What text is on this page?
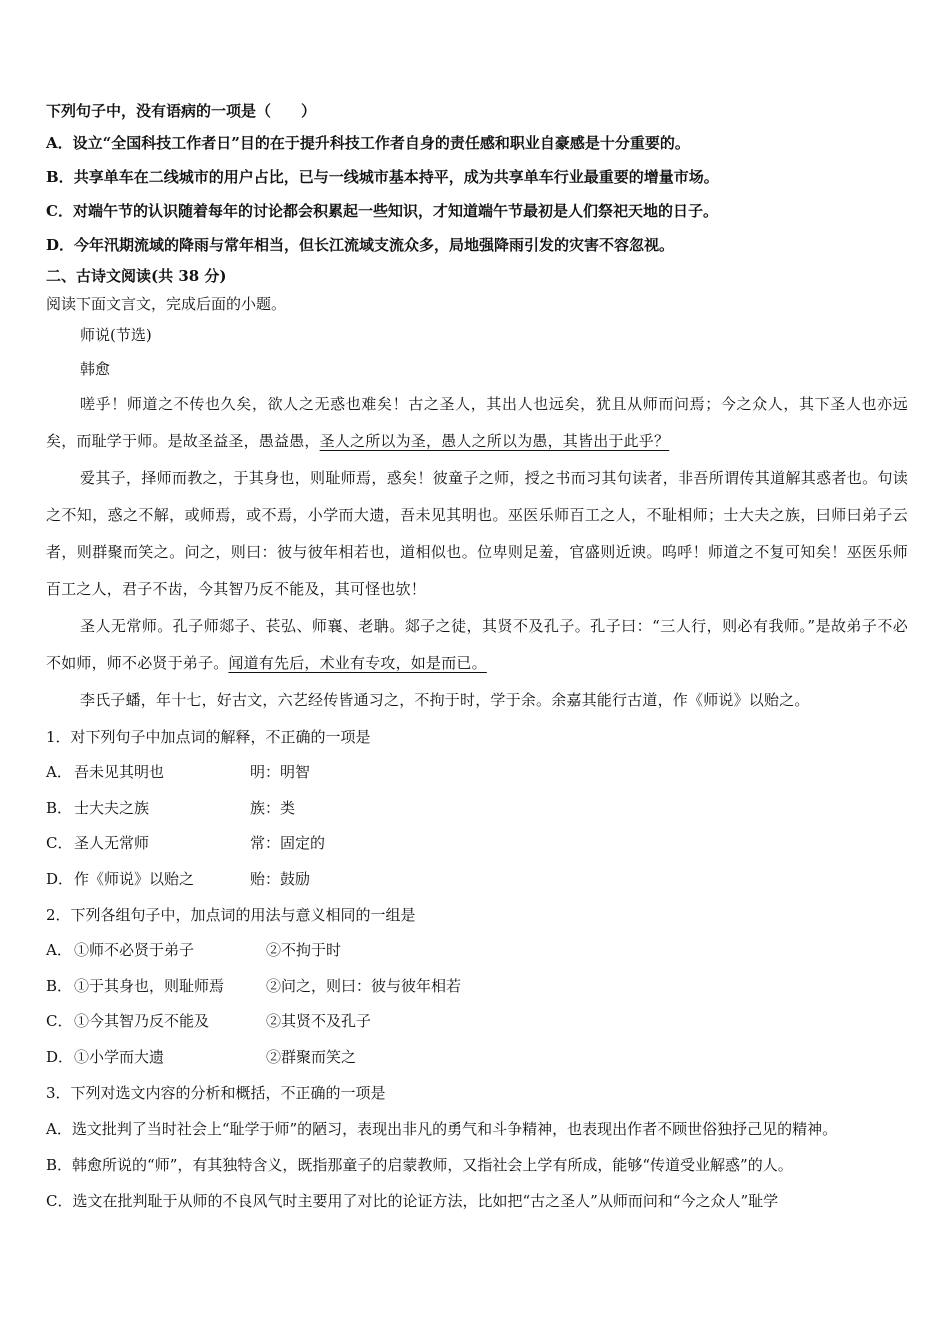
下列句子中，没有语病的一项是（　　）
A．设立“全国科技工作者日”目的在于提升科技工作者自身的责任感和职业自豪感是十分重要的。
B．共享单车在二线城市的用户占比，已与一线城市基本持平，成为共享单车行业最重要的增量市场。
C．对端午节的认识随着每年的讨论都会积累起一些知识，才知道端午节最初是人们祭祀天地的日子。
D．今年汛期流域的降雨与常年相当，但长江流域支流众多，局地强降雨引发的灾害不容忽视。
二、古诗文阅读(共 38 分)
阅读下面文言文，完成后面的小题。
师说(节选)
韩愈
嗟乎！师道之不传也久矣，欲人之无惑也难矣！古之圣人，其出人也远矣，犹且从师而问焉；今之众人，其下圣人也亦远矣，而耻学于师。是故圣益圣，愚益愚，圣人之所以为圣，愚人之所以为愚，其皆出于此乎？
爱其子，择师而教之，于其身也，则耻师焉，惑矣！彼童子之师，授之书而习其句读者，非吾所谓传其道解其惑者也。句读之不知，惑之不解，或师焉，或不焉，小学而大遗，吾未见其明也。巫医乐师百工之人，不耻相师；士大夫之族，曰师曰弟子云者，则群聚而笑之。问之，则曰：彼与彼年相若也，道相似也。位卑则足羞，官盛则近谀。呜呼！师道之不复可知矣！巫医乐师百工之人，君子不齿，今其智乃反不能及，其可怪也欤！
圣人无常师。孔子师郯子、苌弘、师襄、老聃。郯子之徒，其贤不及孔子。孔子曰：“三人行，则必有我师。”是故弟子不必不如师，师不必贤于弟子。闻道有先后，术业有专攻，如是而已。
李氏子蟠，年十七，好古文，六艺经传皆通习之，不拘于时，学于余。余嘉其能行古道，作《师说》以贻之。
1．对下列句子中加点词的解释，不正确的一项是
A． 吾未见其明也	明：明智
B． 士大夫之族	族：类
C． 圣人无常师	常：固定的
D． 作《师说》以贻之	贻：鼓励
2．下列各组句子中，加点词的用法与意义相同的一组是
A． ①师不必贤于弟子	②不拘于时
B． ①于其身也，则耻师焉	②问之，则曰：彼与彼年相若
C． ①今其智乃反不能及	②其贤不及孔子
D． ①小学而大遗	②群聚而笑之
3．下列对选文内容的分析和概括，不正确的一项是
A．选文批判了当时社会上“耻学于师”的陋习，表现出非凡的勇气和斗争精神，也表现出作者不顾世俗独抒己见的精神。
B．韩愈所说的“师”，有其独特含义，既指那童子的启蒙教师，又指社会上学有所成，能够“传道受业解惑”的人。
C．选文在批判耻于从师的不良风气时主要用了对比的论证方法，比如把“古之圣人”从师而问和“今之众人”耻学
